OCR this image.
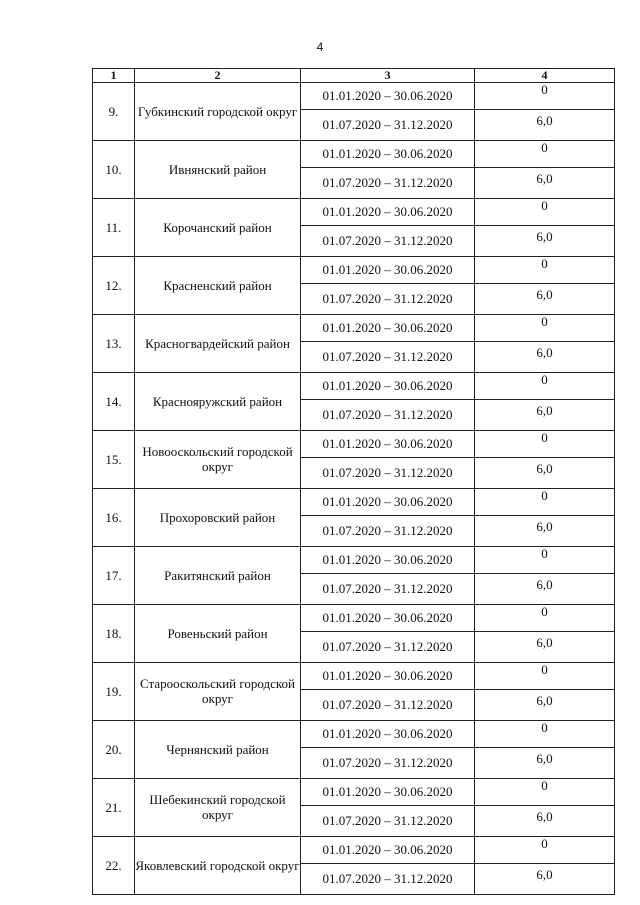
4
1	2	3	4
9.	Губкинский городской округ	01.01.2020 – 30.06.2020	0
		01.07.2020 – 31.12.2020	6,0
10.	Ивнянский район	01.01.2020 – 30.06.2020	0
		01.07.2020 – 31.12.2020	6,0
11.	Корочанский район	01.01.2020 – 30.06.2020	0
		01.07.2020 – 31.12.2020	6,0
12.	Красненский район	01.01.2020 – 30.06.2020	0
		01.07.2020 – 31.12.2020	6,0
13.	Красногвардейский район	01.01.2020 – 30.06.2020	0
		01.07.2020 – 31.12.2020	6,0
14.	Краснояружский район	01.01.2020 – 30.06.2020	0
		01.07.2020 – 31.12.2020	6,0
15.	Новооскольский городской округ	01.01.2020 – 30.06.2020	0
		01.07.2020 – 31.12.2020	6,0
16.	Прохоровский район	01.01.2020 – 30.06.2020	0
		01.07.2020 – 31.12.2020	6,0
17.	Ракитянский район	01.01.2020 – 30.06.2020	0
		01.07.2020 – 31.12.2020	6,0
18.	Ровеньский район	01.01.2020 – 30.06.2020	0
		01.07.2020 – 31.12.2020	6,0
19.	Старооскольский городской округ	01.01.2020 – 30.06.2020	0
		01.07.2020 – 31.12.2020	6,0
20.	Чернянский район	01.01.2020 – 30.06.2020	0
		01.07.2020 – 31.12.2020	6,0
21.	Шебекинский городской округ	01.01.2020 – 30.06.2020	0
		01.07.2020 – 31.12.2020	6,0
22.	Яковлевский городской округ	01.01.2020 – 30.06.2020	0
		01.07.2020 – 31.12.2020	6,0
